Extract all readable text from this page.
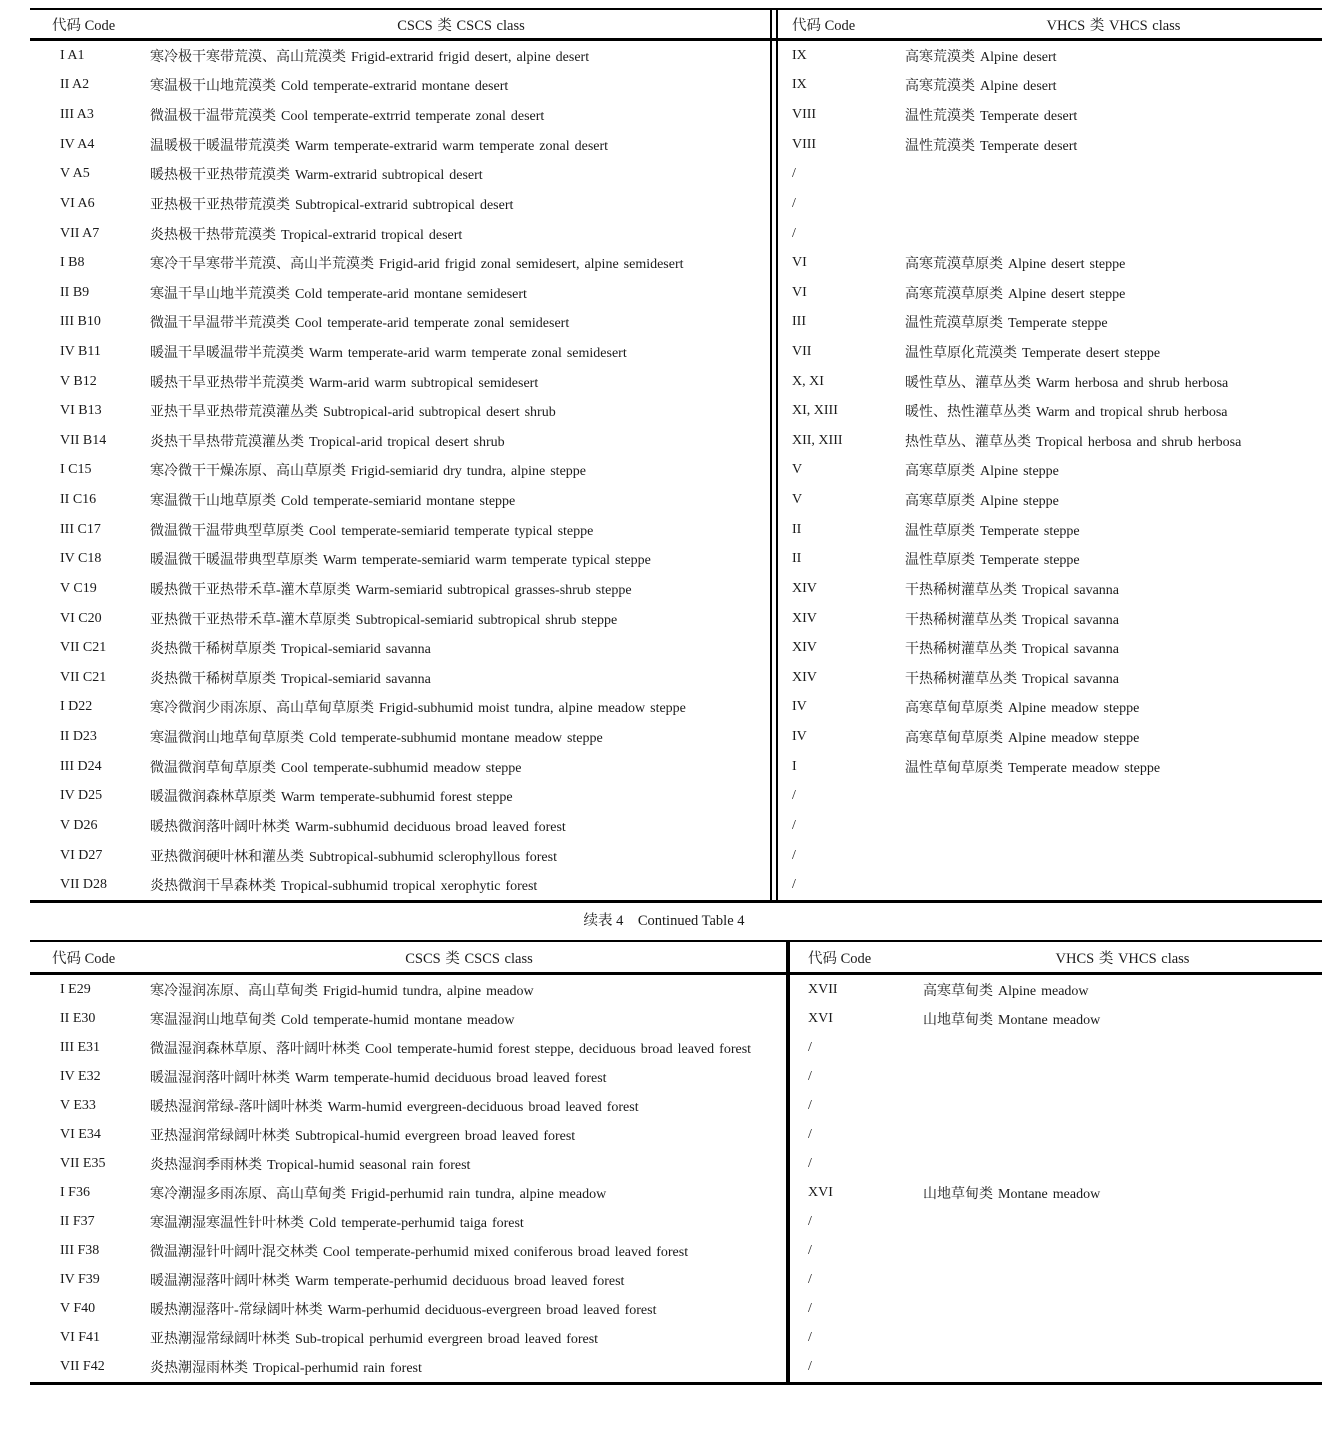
代码 Code	CSCS 类 CSCS class	代码 Code	VHCS 类 VHCS class
I A1	寒冷极干寒带荒漠、高山荒漠类 Frigid-extrarid frigid desert, alpine desert	IX	高寒荒漠类 Alpine desert
II A2	寒温极干山地荒漠类 Cold temperate-extrarid montane desert	IX	高寒荒漠类 Alpine desert
III A3	微温极干温带荒漠类 Cool temperate-extrrid temperate zonal desert	VIII	温性荒漠类 Temperate desert
IV A4	温暖极干暖温带荒漠类 Warm temperate-extrarid warm temperate zonal desert	VIII	温性荒漠类 Temperate desert
V A5	暖热极干亚热带荒漠类 Warm-extrarid subtropical desert	/
VI A6	亚热极干亚热带荒漠类 Subtropical-extrarid subtropical desert	/
VII A7	炎热极干热带荒漠类 Tropical-extrarid tropical desert	/
I B8	寒冷干旱寒带半荒漠、高山半荒漠类 Frigid-arid frigid zonal semidesert, alpine semidesert	VI	高寒荒漠草原类 Alpine desert steppe
II B9	寒温干旱山地半荒漠类 Cold temperate-arid montane semidesert	VI	高寒荒漠草原类 Alpine desert steppe
III B10	微温干旱温带半荒漠类 Cool temperate-arid temperate zonal semidesert	III	温性荒漠草原类 Temperate steppe
IV B11	暖温干旱暖温带半荒漠类 Warm temperate-arid warm temperate zonal semidesert	VII	温性草原化荒漠类 Temperate desert steppe
V B12	暖热干旱亚热带半荒漠类 Warm-arid warm subtropical semidesert	X, XI	暖性草丛、灌草丛类 Warm herbosa and shrub herbosa
VI B13	亚热干旱亚热带荒漠灌丛类 Subtropical-arid subtropical desert shrub	XI, XIII	暖性、热性灌草丛类 Warm and tropical shrub herbosa
VII B14	炎热干旱热带荒漠灌丛类 Tropical-arid tropical desert shrub	XII, XIII	热性草丛、灌草丛类 Tropical herbosa and shrub herbosa
I C15	寒冷微干干燥冻原、高山草原类 Frigid-semiarid dry tundra, alpine steppe	V	高寒草原类 Alpine steppe
II C16	寒温微干山地草原类 Cold temperate-semiarid montane steppe	V	高寒草原类 Alpine steppe
III C17	微温微干温带典型草原类 Cool temperate-semiarid temperate typical steppe	II	温性草原类 Temperate steppe
IV C18	暖温微干暖温带典型草原类 Warm temperate-semiarid warm temperate typical steppe	II	温性草原类 Temperate steppe
V C19	暖热微干亚热带禾草-灌木草原类 Warm-semiarid subtropical grasses-shrub steppe	XIV	干热稀树灌草丛类 Tropical savanna
VI C20	亚热微干亚热带禾草-灌木草原类 Subtropical-semiarid subtropical shrub steppe	XIV	干热稀树灌草丛类 Tropical savanna
VII C21	炎热微干稀树草原类 Tropical-semiarid savanna	XIV	干热稀树灌草丛类 Tropical savanna
VII C21	炎热微干稀树草原类 Tropical-semiarid savanna	XIV	干热稀树灌草丛类 Tropical savanna
I D22	寒冷微润少雨冻原、高山草甸草原类 Frigid-subhumid moist tundra, alpine meadow steppe	IV	高寒草甸草原类 Alpine meadow steppe
II D23	寒温微润山地草甸草原类 Cold temperate-subhumid montane meadow steppe	IV	高寒草甸草原类 Alpine meadow steppe
III D24	微温微润草甸草原类 Cool temperate-subhumid meadow steppe	I	温性草甸草原类 Temperate meadow steppe
IV D25	暖温微润森林草原类 Warm temperate-subhumid forest steppe	/
V D26	暖热微润落叶阔叶林类 Warm-subhumid deciduous broad leaved forest	/
VI D27	亚热微润硬叶林和灌丛类 Subtropical-subhumid sclerophyllous forest	/
VII D28	炎热微润干旱森林类 Tropical-subhumid tropical xerophytic forest	/
续表 4　Continued Table 4
代码 Code	CSCS 类 CSCS class	代码 Code	VHCS 类 VHCS class
I E29	寒冷湿润冻原、高山草甸类 Frigid-humid tundra, alpine meadow	XVII	高寒草甸类 Alpine meadow
II E30	寒温湿润山地草甸类 Cold temperate-humid montane meadow	XVI	山地草甸类 Montane meadow
III E31	微温湿润森林草原、落叶阔叶林类 Cool temperate-humid forest steppe, deciduous broad leaved forest	/
IV E32	暖温湿润落叶阔叶林类 Warm temperate-humid deciduous broad leaved forest	/
V E33	暖热湿润常绿-落叶阔叶林类 Warm-humid evergreen-deciduous broad leaved forest	/
VI E34	亚热湿润常绿阔叶林类 Subtropical-humid evergreen broad leaved forest	/
VII E35	炎热湿润季雨林类 Tropical-humid seasonal rain forest	/
I F36	寒冷潮湿多雨冻原、高山草甸类 Frigid-perhumid rain tundra, alpine meadow	XVI	山地草甸类 Montane meadow
II F37	寒温潮湿寒温性针叶林类 Cold temperate-perhumid taiga forest	/
III F38	微温潮湿针叶阔叶混交林类 Cool temperate-perhumid mixed coniferous broad leaved forest	/
IV F39	暖温潮湿落叶阔叶林类 Warm temperate-perhumid deciduous broad leaved forest	/
V F40	暖热潮湿落叶-常绿阔叶林类 Warm-perhumid deciduous-evergreen broad leaved forest	/
VI F41	亚热潮湿常绿阔叶林类 Sub-tropical perhumid evergreen broad leaved forest	/
VII F42	炎热潮湿雨林类 Tropical-perhumid rain forest	/
